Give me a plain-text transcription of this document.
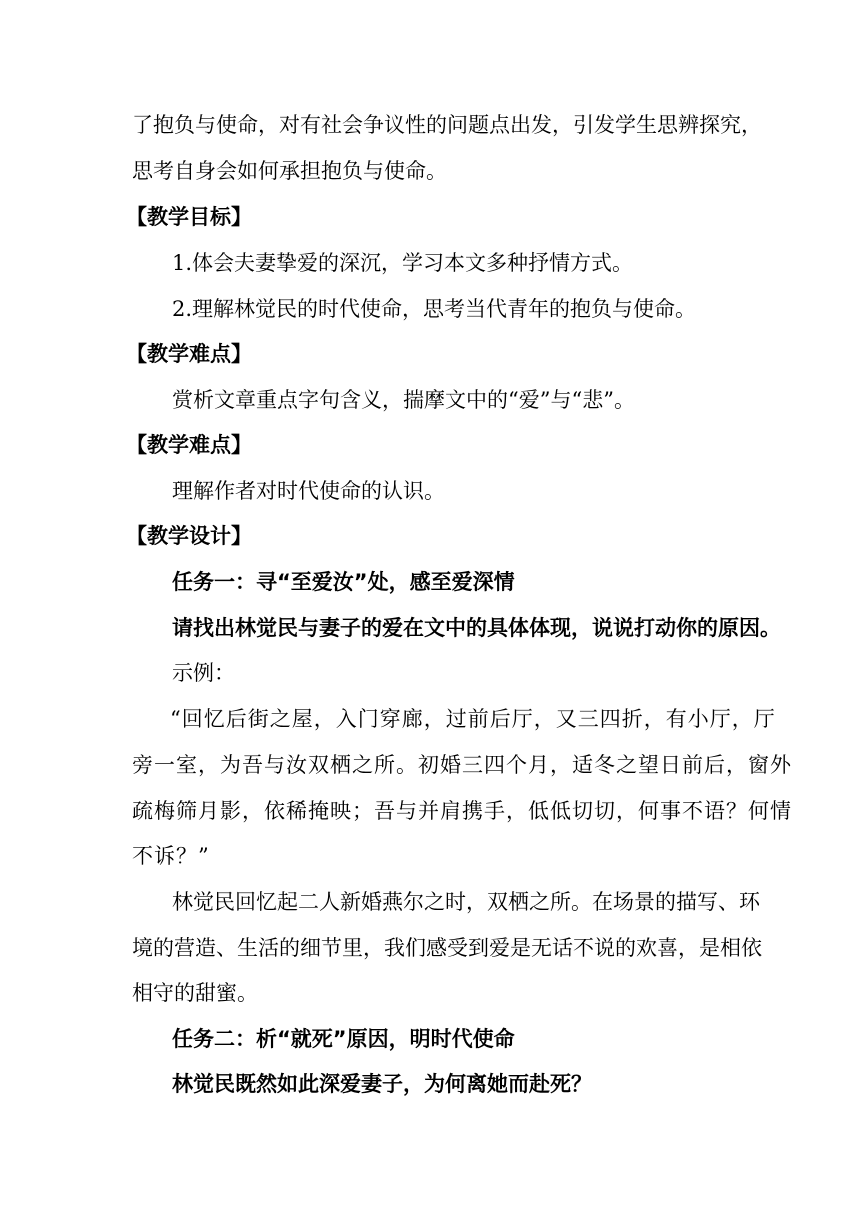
了抱负与使命，对有社会争议性的问题点出发，引发学生思辨探究，
思考自身会如何承担抱负与使命。
【教学目标】
1.体会夫妻挚爱的深沉，学习本文多种抒情方式。
2.理解林觉民的时代使命，思考当代青年的抱负与使命。
【教学难点】
赏析文章重点字句含义，揣摩文中的“爱”与“悲”。
【教学难点】
理解作者对时代使命的认识。
【教学设计】
任务一：寻“至爱汝”处，感至爱深情
请找出林觉民与妻子的爱在文中的具体体现，说说打动你的原因。
示例：
“回忆后街之屋，入门穿廊，过前后厅，又三四折，有小厅，厅
旁一室，为吾与汝双栖之所。初婚三四个月，适冬之望日前后，窗外
疏梅筛月影，依稀掩映；吾与并肩携手，低低切切，何事不语？何情
不诉？”
林觉民回忆起二人新婚燕尔之时，双栖之所。在场景的描写、环
境的营造、生活的细节里，我们感受到爱是无话不说的欢喜，是相依
相守的甜蜜。
任务二：析“就死”原因，明时代使命
林觉民既然如此深爱妻子，为何离她而赴死？
